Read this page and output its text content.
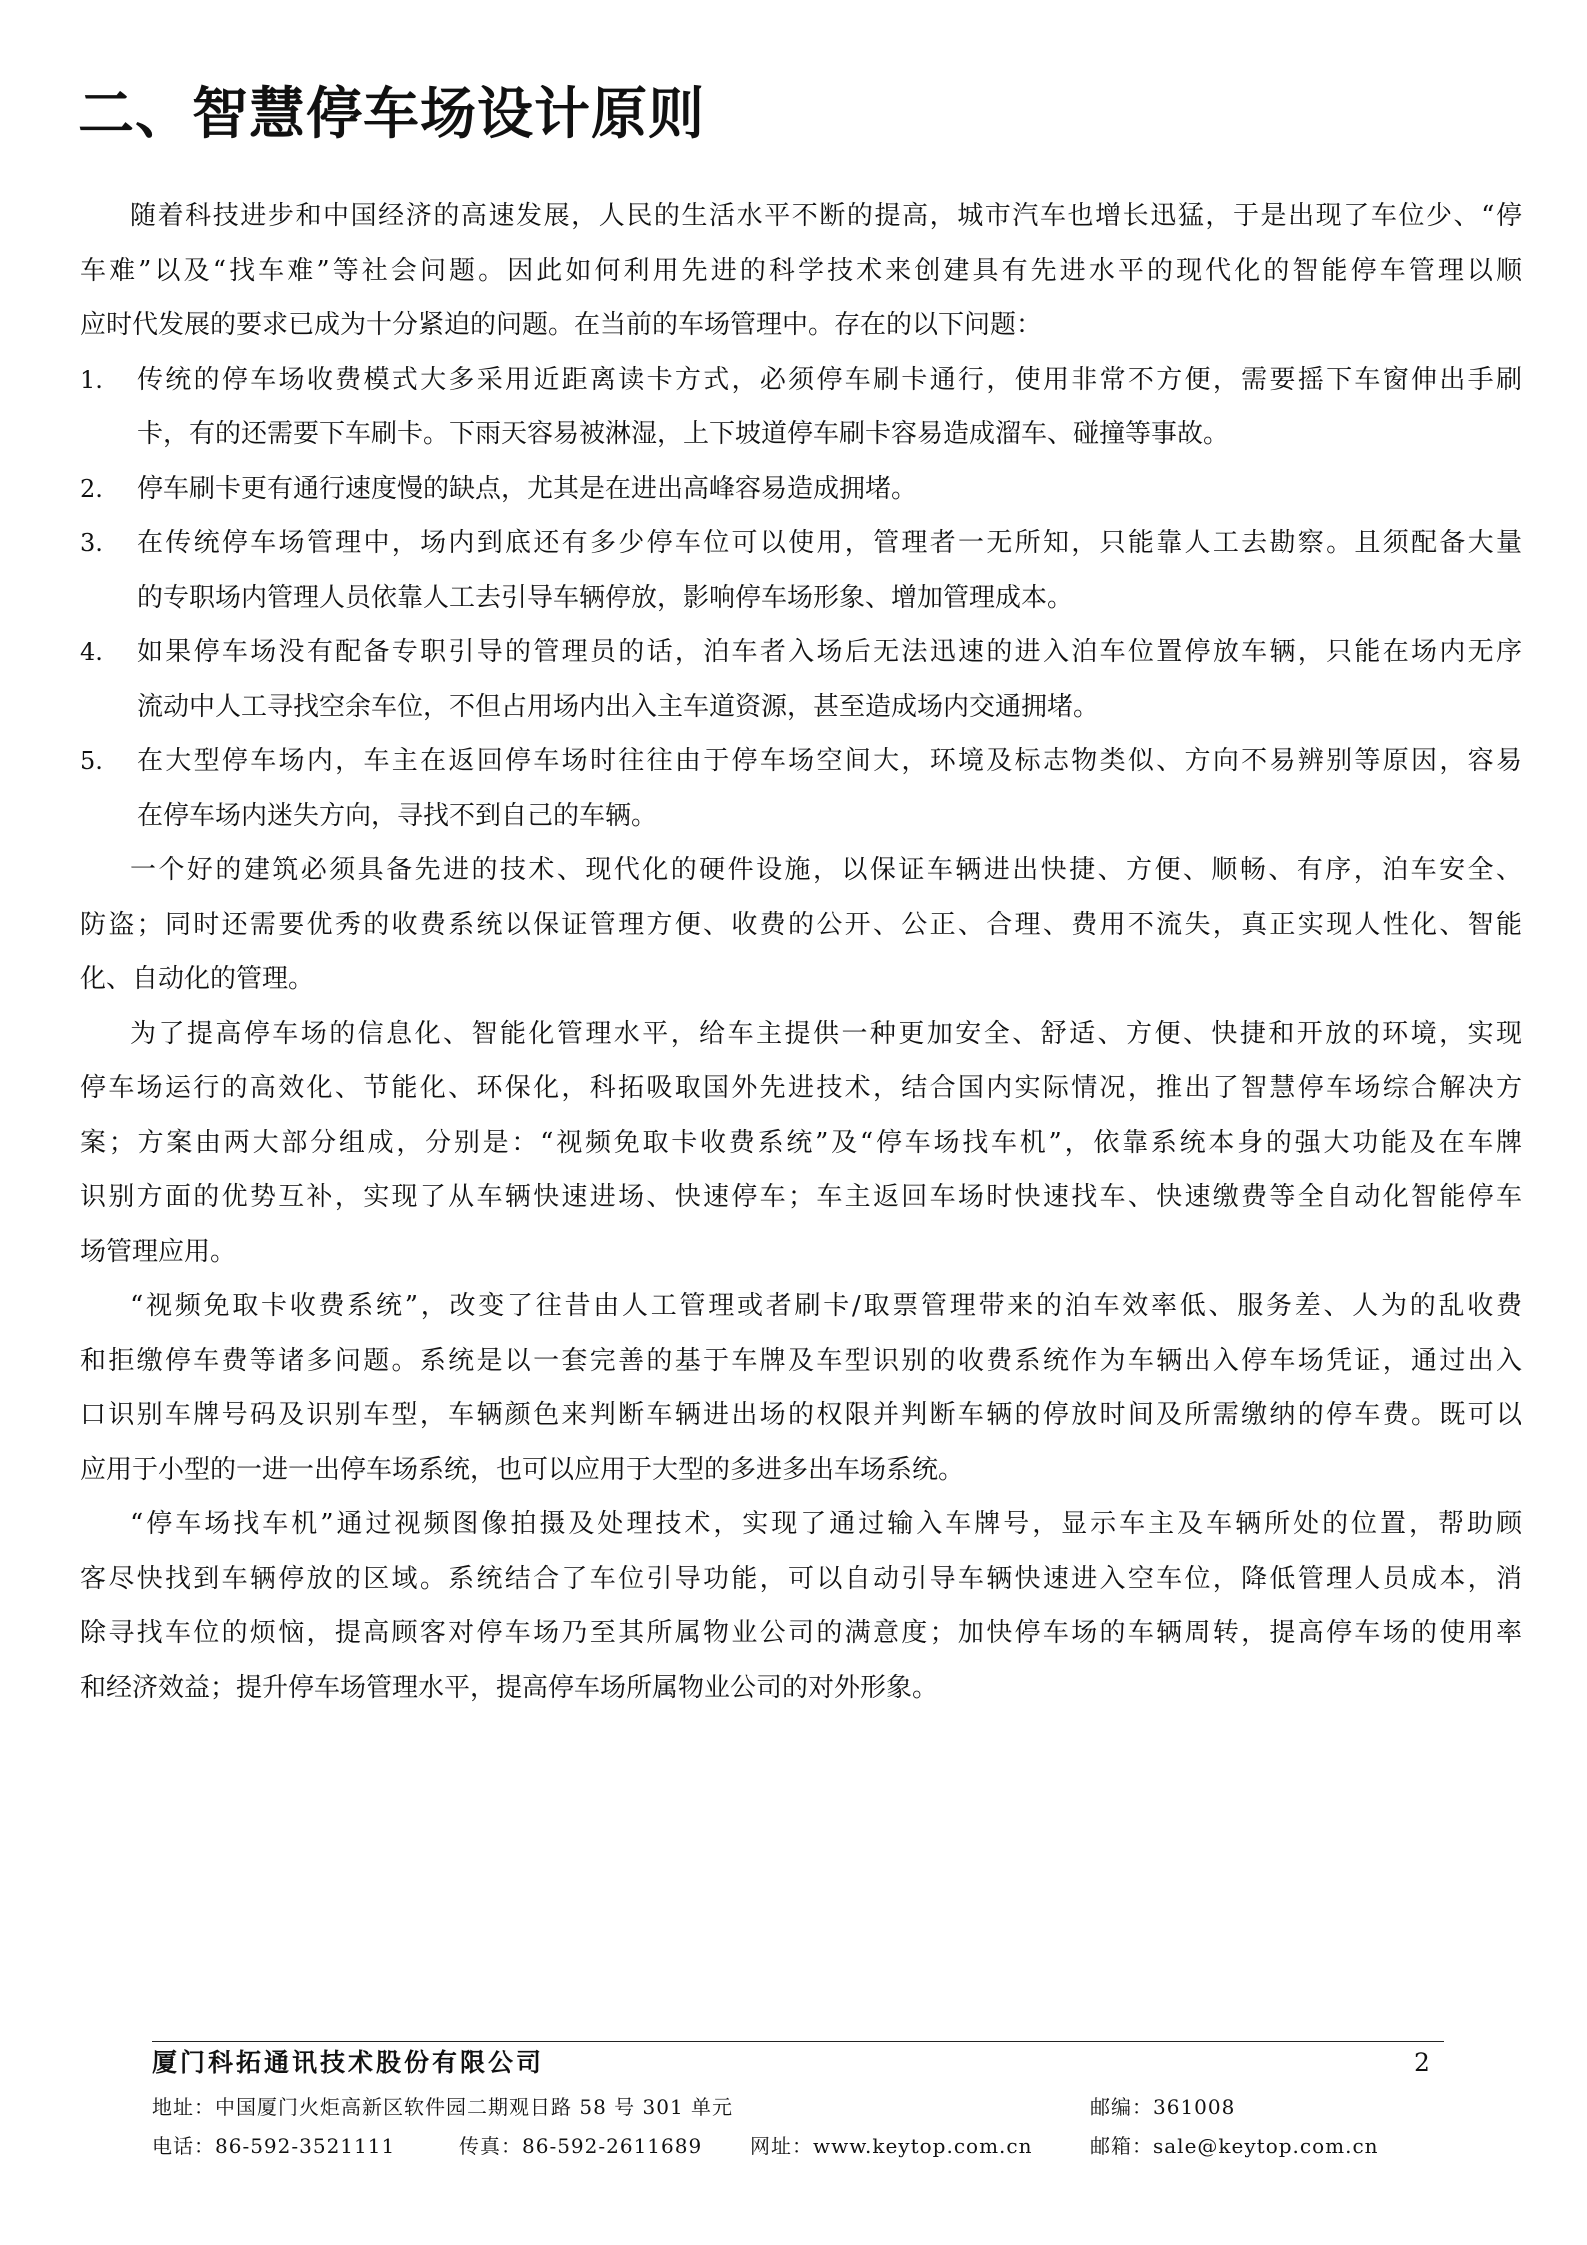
二、智慧停车场设计原则
随着科技进步和中国经济的高速发展，人民的生活水平不断的提高，城市汽车也增长迅猛，于是出现了车位少、“停
车难”以及“找车难”等社会问题。因此如何利用先进的科学技术来创建具有先进水平的现代化的智能停车管理以顺
应时代发展的要求已成为十分紧迫的问题。在当前的车场管理中。存在的以下问题：
1. 传统的停车场收费模式大多采用近距离读卡方式，必须停车刷卡通行，使用非常不方便，需要摇下车窗伸出手刷
卡，有的还需要下车刷卡。下雨天容易被淋湿，上下坡道停车刷卡容易造成溜车、碰撞等事故。
2. 停车刷卡更有通行速度慢的缺点，尤其是在进出高峰容易造成拥堵。
3. 在传统停车场管理中，场内到底还有多少停车位可以使用，管理者一无所知，只能靠人工去勘察。且须配备大量
的专职场内管理人员依靠人工去引导车辆停放，影响停车场形象、增加管理成本。
4. 如果停车场没有配备专职引导的管理员的话，泊车者入场后无法迅速的进入泊车位置停放车辆，只能在场内无序
流动中人工寻找空余车位，不但占用场内出入主车道资源，甚至造成场内交通拥堵。
5. 在大型停车场内，车主在返回停车场时往往由于停车场空间大，环境及标志物类似、方向不易辨别等原因，容易
在停车场内迷失方向，寻找不到自己的车辆。
一个好的建筑必须具备先进的技术、现代化的硬件设施，以保证车辆进出快捷、方便、顺畅、有序，泊车安全、
防盗；同时还需要优秀的收费系统以保证管理方便、收费的公开、公正、合理、费用不流失，真正实现人性化、智能
化、自动化的管理。
为了提高停车场的信息化、智能化管理水平，给车主提供一种更加安全、舒适、方便、快捷和开放的环境，实现
停车场运行的高效化、节能化、环保化，科拓吸取国外先进技术，结合国内实际情况，推出了智慧停车场综合解决方
案；方案由两大部分组成，分别是：“视频免取卡收费系统”及“停车场找车机”，依靠系统本身的强大功能及在车牌
识别方面的优势互补，实现了从车辆快速进场、快速停车；车主返回车场时快速找车、快速缴费等全自动化智能停车
场管理应用。
“视频免取卡收费系统”，改变了往昔由人工管理或者刷卡/取票管理带来的泊车效率低、服务差、人为的乱收费
和拒缴停车费等诸多问题。系统是以一套完善的基于车牌及车型识别的收费系统作为车辆出入停车场凭证，通过出入
口识别车牌号码及识别车型，车辆颜色来判断车辆进出场的权限并判断车辆的停放时间及所需缴纳的停车费。既可以
应用于小型的一进一出停车场系统，也可以应用于大型的多进多出车场系统。
“停车场找车机”通过视频图像拍摄及处理技术，实现了通过输入车牌号，显示车主及车辆所处的位置，帮助顾
客尽快找到车辆停放的区域。系统结合了车位引导功能，可以自动引导车辆快速进入空车位，降低管理人员成本，消
除寻找车位的烦恼，提高顾客对停车场乃至其所属物业公司的满意度；加快停车场的车辆周转，提高停车场的使用率
和经济效益；提升停车场管理水平，提高停车场所属物业公司的对外形象。
厦门科拓通讯技术股份有限公司	2
地址：中国厦门火炬高新区软件园二期观日路 58 号 301 单元	邮编：361008
电话：86-592-3521111	传真：86-592-2611689 网址：www.keytop.com.cn	邮箱：sale@keytop.com.cn
